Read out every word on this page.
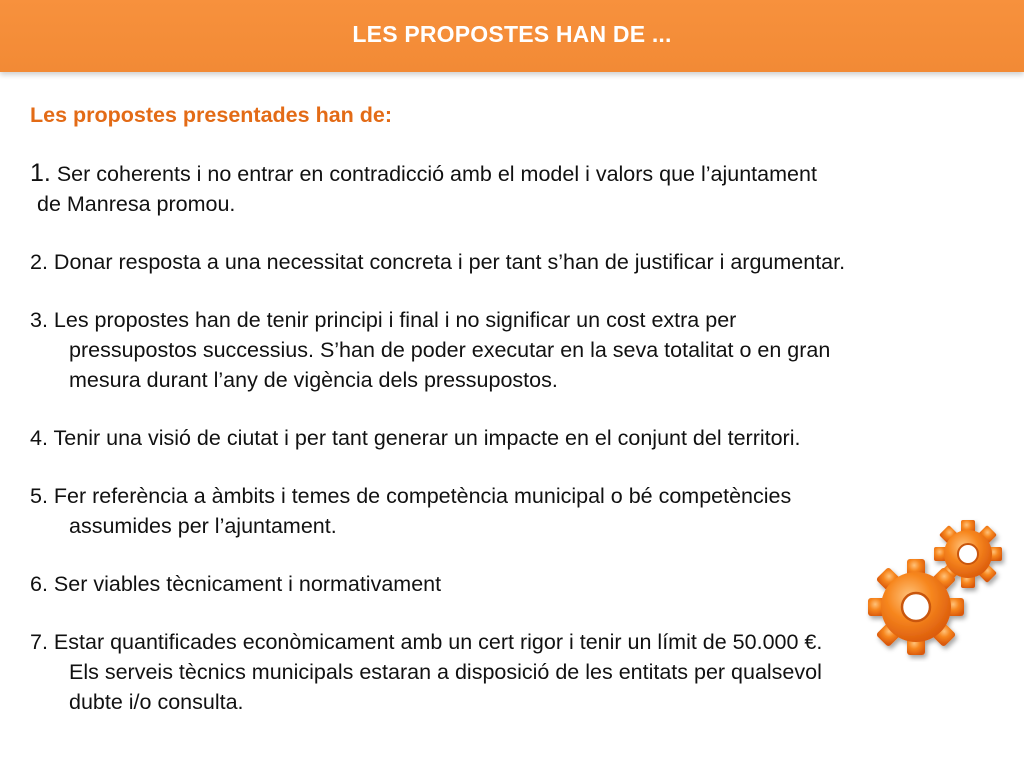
LES PROPOSTES HAN DE ...
Les propostes presentades han de:
1. Ser coherents i no entrar en contradicció amb el model i valors que l’ajuntament
de Manresa promou.
2. Donar resposta a una necessitat concreta i per tant s’han de justificar i argumentar.
3. Les propostes han de tenir principi i final i no significar un cost extra per
pressupostos successius. S’han de poder executar en la seva totalitat o en gran
mesura durant l’any de vigència dels pressupostos.
4. Tenir una visió de ciutat i per tant generar un impacte en el conjunt del territori.
5. Fer referència a àmbits i temes de competència municipal o bé competències
assumides per l’ajuntament.
6. Ser viables tècnicament i normativament
7. Estar quantificades econòmicament amb un cert rigor i tenir un límit de 50.000 €.
Els serveis tècnics municipals estaran a disposició de les entitats per qualsevol
dubte i/o consulta.
